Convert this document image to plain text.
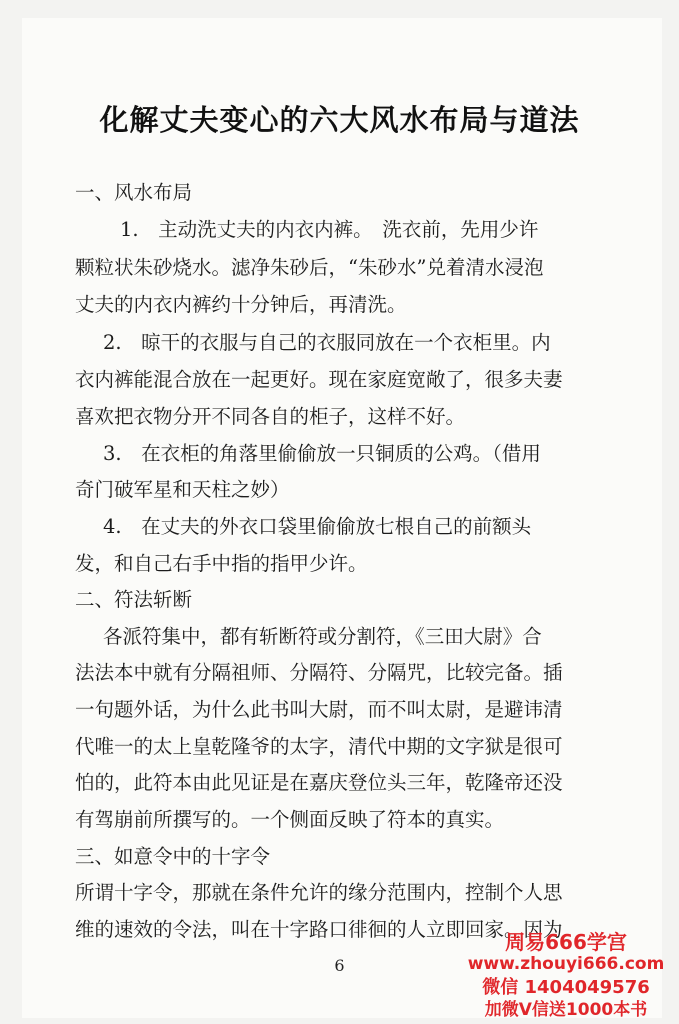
化解丈夫变心的六大风水布局与道法
一、风水布局
1.　主动洗丈夫的内衣内裤。　洗衣前，先用少许
颗粒状朱砂烧水。滤净朱砂后，“朱砂水”兑着清水浸泡
丈夫的内衣内裤约十分钟后，再清洗。
2.　晾干的衣服与自己的衣服同放在一个衣柜里。内
衣内裤能混合放在一起更好。现在家庭宽敞了，很多夫妻
喜欢把衣物分开不同各自的柜子，这样不好。
3.　在衣柜的角落里偷偷放一只铜质的公鸡。（借用
奇门破军星和天柱之妙）
4.　在丈夫的外衣口袋里偷偷放七根自己的前额头
发，和自己右手中指的指甲少许。
二、符法斩断
各派符集中，都有斩断符或分割符，《三田大尉》合
法法本中就有分隔祖师、分隔符、分隔咒，比较完备。插
一句题外话，为什么此书叫大尉，而不叫太尉，是避讳清
代唯一的太上皇乾隆爷的太字，清代中期的文字狱是很可
怕的，此符本由此见证是在嘉庆登位头三年，乾隆帝还没
有驾崩前所撰写的。一个侧面反映了符本的真实。
三、如意令中的十字令
所谓十字令，那就在条件允许的缘分范围内，控制个人思
维的速效的令法，叫在十字路口徘徊的人立即回家。因为
6
周易666学宫
www.zhouyi666.com
微信 1404049576
加微V信送1000本书
